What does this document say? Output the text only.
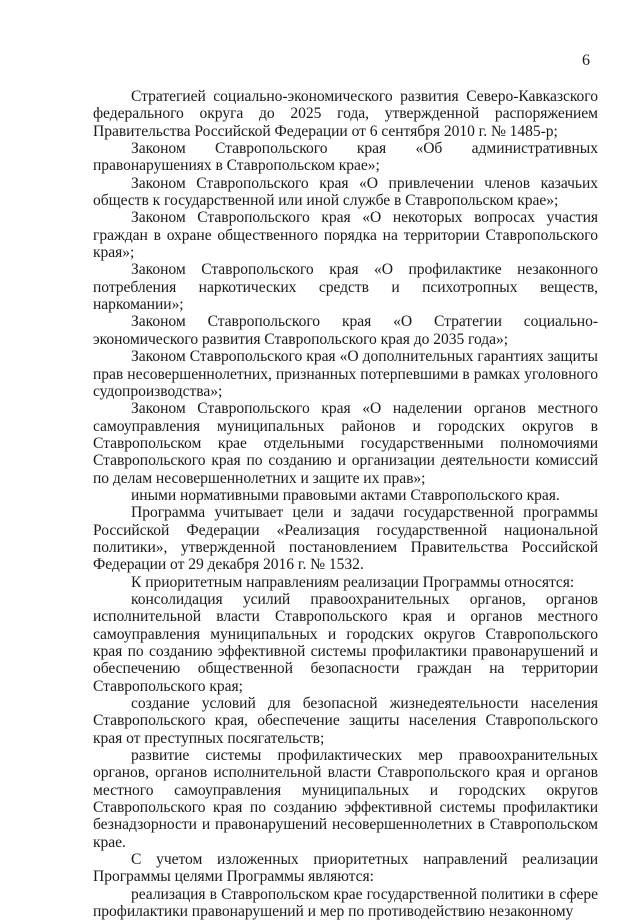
6

Стратегией социально-экономического развития Северо-Кавказского федерального округа до 2025 года, утвержденной распоряжением Правительства Российской Федерации от 6 сентября 2010 г. № 1485-р;

Законом Ставропольского края «Об административных правонарушениях в Ставропольском крае»;

Законом Ставропольского края «О привлечении членов казачьих обществ к государственной или иной службе в Ставропольском крае»;

Законом Ставропольского края «О некоторых вопросах участия граждан в охране общественного порядка на территории Ставропольского края»;

Законом Ставропольского края «О профилактике незаконного потребления наркотических средств и психотропных веществ, наркомании»;

Законом Ставропольского края «О Стратегии социально-экономического развития Ставропольского края до 2035 года»;

Законом Ставропольского края «О дополнительных гарантиях защиты прав несовершеннолетних, признанных потерпевшими в рамках уголовного судопроизводства»;

Законом Ставропольского края «О наделении органов местного самоуправления муниципальных районов и городских округов в Ставропольском крае отдельными государственными полномочиями Ставропольского края по созданию и организации деятельности комиссий по делам несовершеннолетних и защите их прав»;

иными нормативными правовыми актами Ставропольского края.

Программа учитывает цели и задачи государственной программы Российской Федерации «Реализация государственной национальной политики», утвержденной постановлением Правительства Российской Федерации от 29 декабря 2016 г. № 1532.

К приоритетным направлениям реализации Программы относятся:

консолидация усилий правоохранительных органов, органов исполнительной власти Ставропольского края и органов местного самоуправления муниципальных и городских округов Ставропольского края по созданию эффективной системы профилактики правонарушений и обеспечению общественной безопасности граждан на территории Ставропольского края;

создание условий для безопасной жизнедеятельности населения Ставропольского края, обеспечение защиты населения Ставропольского края от преступных посягательств;

развитие системы профилактических мер правоохранительных органов, органов исполнительной власти Ставропольского края и органов местного самоуправления муниципальных и городских округов Ставропольского края по созданию эффективной системы профилактики безнадзорности и правонарушений несовершеннолетних в Ставропольском крае.

С учетом изложенных приоритетных направлений реализации Программы целями Программы являются:

реализация в Ставропольском крае государственной политики в сфере профилактики правонарушений и мер по противодействию незаконному
